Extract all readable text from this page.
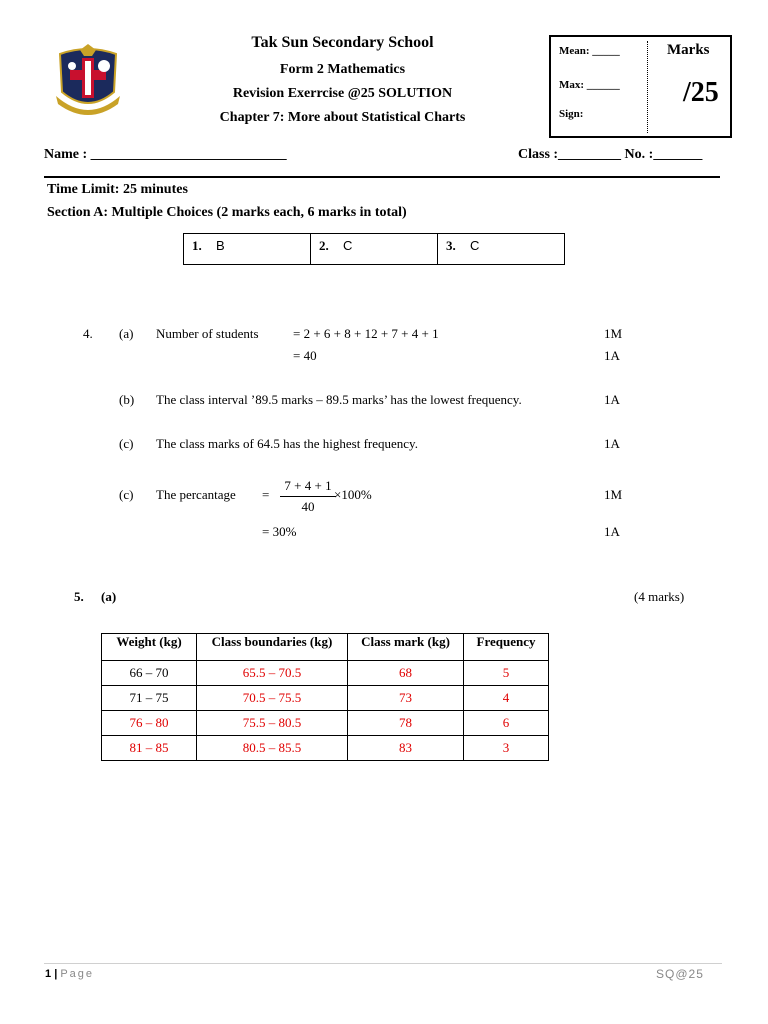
Tak Sun Secondary School
Form 2 Mathematics
Revision Exerrcise @25 SOLUTION
Chapter 7: More about Statistical Charts
Mean: _____
Max: ______
Sign:
Marks
/25
Name : ____________________________	Class :_________ No. :_______
Time Limit: 25 minutes
Section A: Multiple Choices (2 marks each, 6 marks in total)
1. B	2. C	3. C
4. (a) Number of students	= 2 + 6 + 8 + 12 + 7 + 4 + 1	1M
= 40	1A
(b) The class interval ’89.5 marks – 89.5 marks’ has the lowest frequency.	1A
(c) The class marks of 64.5 has the highest frequency.	1A
(c) The percantage = $\frac{7 + 4 + 1}{40}$
×100%	1M
= 30%	1A
5. (a)	(4 marks)
Weight (kg)	Class boundaries (kg)	Class mark (kg)	Frequency
66 – 70	65.5 – 70.5	68	5
71 – 75	70.5 – 75.5	73	4
76 – 80	75.5 – 80.5	78	6
81 – 85	80.5 – 85.5	83	3
1 | Page	SQ@25
